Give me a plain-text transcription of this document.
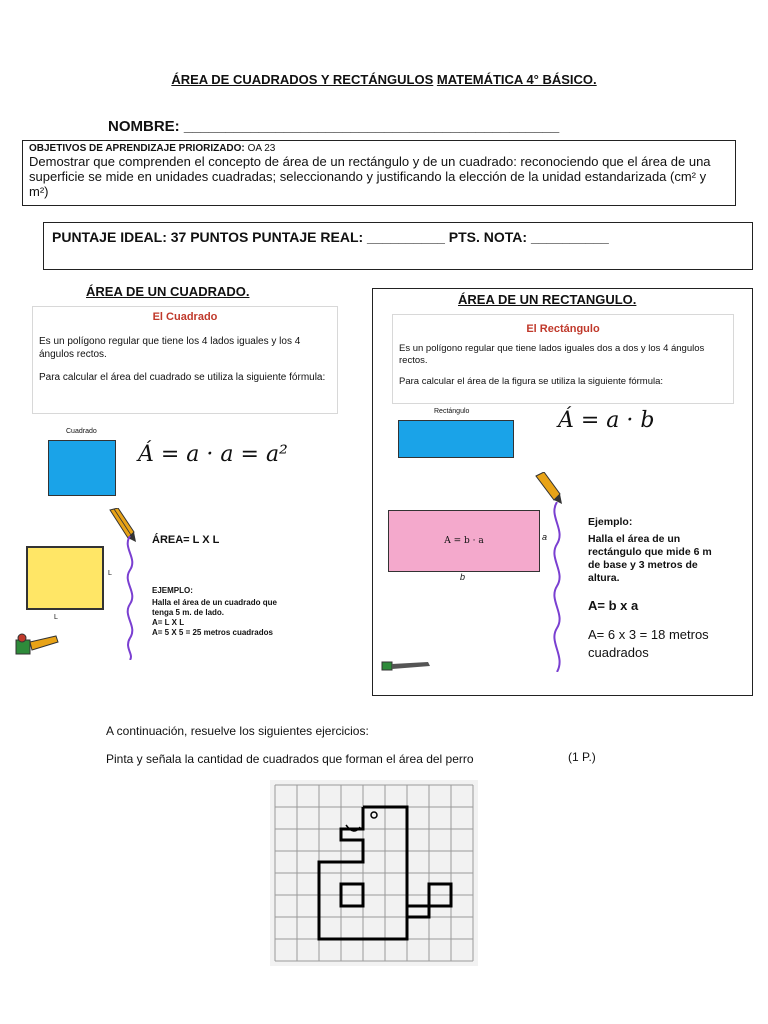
ÁREA DE CUADRADOS Y RECTÁNGULOS MATEMÁTICA 4° BÁSICO.
NOMBRE: _____________________________________________
OBJETIVOS DE APRENDIZAJE PRIORIZADO: OA 23
Demostrar que comprenden el concepto de área de un rectángulo y de un cuadrado: reconociendo que el área de una superficie se mide en unidades cuadradas; seleccionando y justificando la elección de la unidad estandarizada (cm² y m²)
PUNTAJE IDEAL: 37 PUNTOS PUNTAJE REAL: __________ PTS. NOTA: __________
ÁREA DE UN CUADRADO.
El Cuadrado

Es un polígono regular que tiene los 4 lados iguales y los 4 ángulos rectos.

Para calcular el área del cuadrado se utiliza la siguiente fórmula:

Cuadrado
Á = a · a = a²
L
L
ÁREA= L X L
EJEMPLO:
Halla el área de un cuadrado que
tenga 5 m. de lado.
A= L X L
A= 5 X 5 = 25 metros cuadrados
ÁREA DE UN RECTANGULO.
El Rectángulo

Es un polígono regular que tiene lados iguales dos a dos y los 4 ángulos rectos.

Para calcular el área de la figura se utiliza la siguiente fórmula:

Rectángulo	Á = a · b
A = b · a	a
b
Ejemplo:
Halla el área de un
rectángulo que mide 6 m
de base y 3 metros de
altura.
A= b x a
A= 6 x 3 = 18 metros
cuadrados
A continuación, resuelve los siguientes ejercicios:
Pinta y señala la cantidad de cuadrados que forman el área del perro	(1 P.)
